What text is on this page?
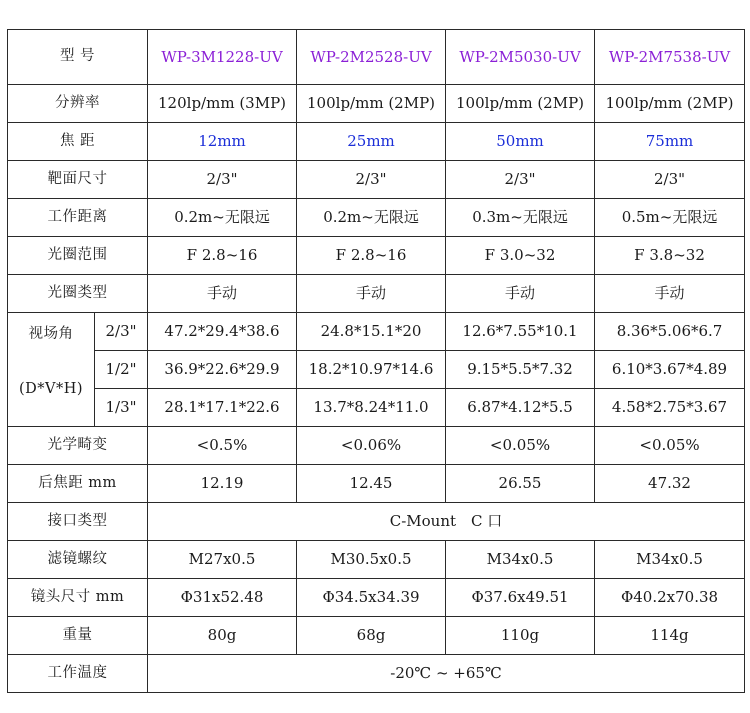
型 号		WP-3M1228-UV	WP-2M2528-UV	WP-2M5030-UV	WP-2M7538-UV
分辨率		120lp/mm (3MP)	100lp/mm (2MP)	100lp/mm (2MP)	100lp/mm (2MP)
焦 距		12mm	25mm	50mm	75mm
靶面尺寸		2/3"	2/3"	2/3"	2/3"
工作距离		0.2m~无限远	0.2m~无限远	0.3m~无限远	0.5m~无限远
光圈范围		F 2.8~16	F 2.8~16	F 3.0~32	F 3.8~32
光圈类型		手动	手动	手动	手动

视场角
(D*V*H)	2/3"	47.2*29.4*38.6	24.8*15.1*20	12.6*7.55*10.1	8.36*5.06*6.7
	1/2"	36.9*22.6*29.9	18.2*10.97*14.6	9.15*5.5*7.32	6.10*3.67*4.89
	1/3"	28.1*17.1*22.6	13.7*8.24*11.0	6.87*4.12*5.5	4.58*2.75*3.67
光学畸变		<0.5%	<0.06%	<0.05%	<0.05%
后焦距 mm		12.19	12.45	26.55	47.32
接口类型		C-Mount　C 口			
滤镜螺纹		M27x0.5	M30.5x0.5	M34x0.5	M34x0.5
镜头尺寸 mm		Φ31x52.48	Φ34.5x34.39	Φ37.6x49.51	Φ40.2x70.38
重量		80g	68g	110g	114g
工作温度		-20℃ ~ +65℃			
